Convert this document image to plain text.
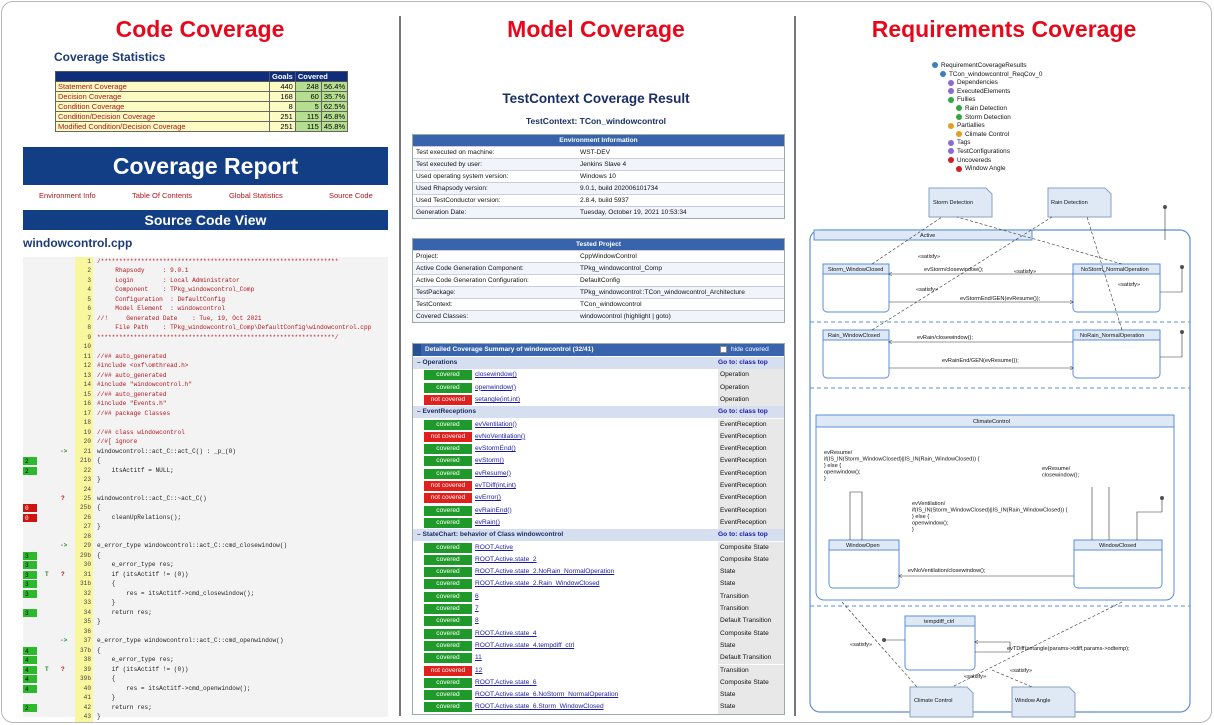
Code Coverage
Coverage Statistics
	Goals	Covered	
Statement Coverage	440	248	56.4%
Decision Coverage	168	60	35.7%
Condition Coverage	8	5	62.5%
Condition/Decision Coverage	251	115	45.8%
Modified Condition/Decision Coverage	251	115	45.8%
Coverage Report
Environment Info	Table Of Contents	Global Statistics	Source Code
Source Code View
windowcontrol.cpp
1 /*****************************************************************
2 Rhapsody     : 9.0.1
3 Login        : Local Administrator
4 Component    : TPkg_windowcontrol_Comp
5 Configuration  : DefaultConfig
6 Model Element  : windowcontrol
7 //!     Generated Date    : Tue, 19, Oct 2021
8 File Path    : TPkg_windowcontrol_Comp\DefaultConfig\windowcontrol.cpp
9 *****************************************************************/
10
11 //## auto_generated
12 #include <oxf\omthread.h>
13 //## auto_generated
14 #include "windowcontrol.h"
15 //## auto_generated
16 #include "Events.h"
17 //## package Classes
18
19 //## class windowcontrol
20 //#[ ignore
->	21 windowcontrol::act_C::act_C() : _p_(0)
2	21b {
2	22 itsActitf = NULL;
23 }
24
?	25 windowcontrol::act_C::~act_C()
0	25b {
0	26 cleanUpRelations();
27 }
28
->	29 e_error_type windowcontrol::act_C::cmd_closewindow()
3	29b {
3	30 e_error_type res;
3	T ?	31 if (itsActitf != (0))
3	31b {
3	32 res = itsActitf->cmd_closewindow();
33 }
3	34 return res;
35 }
36
->	37 e_error_type windowcontrol::act_C::cmd_openwindow()
4	37b {
4	38 e_error_type res;
4	T ?	39 if (itsActitf != (0))
4	39b {
4	40 res = itsActitf->cmd_openwindow();
41 }
2	42 return res;
43 }
Model Coverage
TestContext Coverage Result
TestContext: TCon_windowcontrol
Environment Information
Test executed on machine:	WST-DEV
Test executed by user:	Jenkins Slave 4
Used operating system version:	Windows 10
Used Rhapsody version:	9.0.1, build 202006101734
Used TestConductor version:	2.8.4, build 5937
Generation Date:	Tuesday, October 19, 2021 10:53:34
Tested Project
Project:	CppWindowControl
Active Code Generation Component:	TPkg_windowcontrol_Comp
Active Code Generation Configuration:	DefaultConfig
TestPackage:	TPkg_windowcontrol::TCon_windowcontrol_Architecture
TestContext:	TCon_windowcontrol
Covered Classes:	windowcontrol (highlight | goto)
Detailed Coverage Summary of windowcontrol (32/41)	hide covered
– Operations	Go to: class top
covered	closewindow()	Operation
covered	openwindow()	Operation
not covered	setangle(int,int)	Operation
– EventReceptions	Go to: class top
covered	evVentilation()	EventReception
not covered	evNoVentilation()	EventReception
covered	evStormEnd()	EventReception
covered	evStorm()	EventReception
covered	evResume()	EventReception
not covered	evTDiff(int,int)	EventReception
not covered	evError()	EventReception
covered	evRainEnd()	EventReception
covered	evRain()	EventReception
– StateChart: behavior of Class windowcontrol	Go to: class top
covered	ROOT.Active	Composite State
covered	ROOT.Active.state_2	Composite State
covered	ROOT.Active.state_2.NoRain_NormalOperation	State
covered	ROOT.Active.state_2.Rain_WindowClosed	State
covered	6	Transition
covered	7	Transition
covered	8	Default Transition
covered	ROOT.Active.state_4	Composite State
covered	ROOT.Active.state_4.tempdiff_ctrl	State
covered	11	Default Transition
not covered	12	Transition
covered	ROOT.Active.state_6	Composite State
covered	ROOT.Active.state_6.NoStorm_NormalOperation	State
covered	ROOT.Active.state_6.Storm_WindowClosed	State
Requirements Coverage
RequirementCoverageResults
TCon_windowcontrol_ReqCov_0
Dependencies
ExecutedElements
Fullies
Rain Detection
Storm Detection
Partiallies
Climate Control
Tags
TestConfigurations
Uncovereds
Window Angle
Storm Detection	Rain Detection
Active
Storm_WindowClosed	NoStorm_NormalOperation
evStorm/closewindow();
evStormEnd/GEN(evResume());
Rain_WindowClosed	NoRain_NormalOperation
evRain/closewindow();
evRainEnd/GEN(evResume());
ClimateControl
evResume/
if(IS_IN(Storm_WindowClosed)||IS_IN(Rain_WindowClosed)) {
} else {
openwindow();
}
evResume/
closewindow();
evVentilation/
if(IS_IN(Storm_WindowClosed)||IS_IN(Rain_WindowClosed)) {
} else {
openwindow();
}
WindowOpen	WindowClosed
evNoVentilation/closewindow();
tempdiff_ctrl
evTDiff(setangle(params->tdiff,params->odtemp);
Climate Control	Window Angle
«satisfy»
«satisfy»
«satisfy»
«satisfy»
«satisfy»
«satisfy»
«satisfy»
